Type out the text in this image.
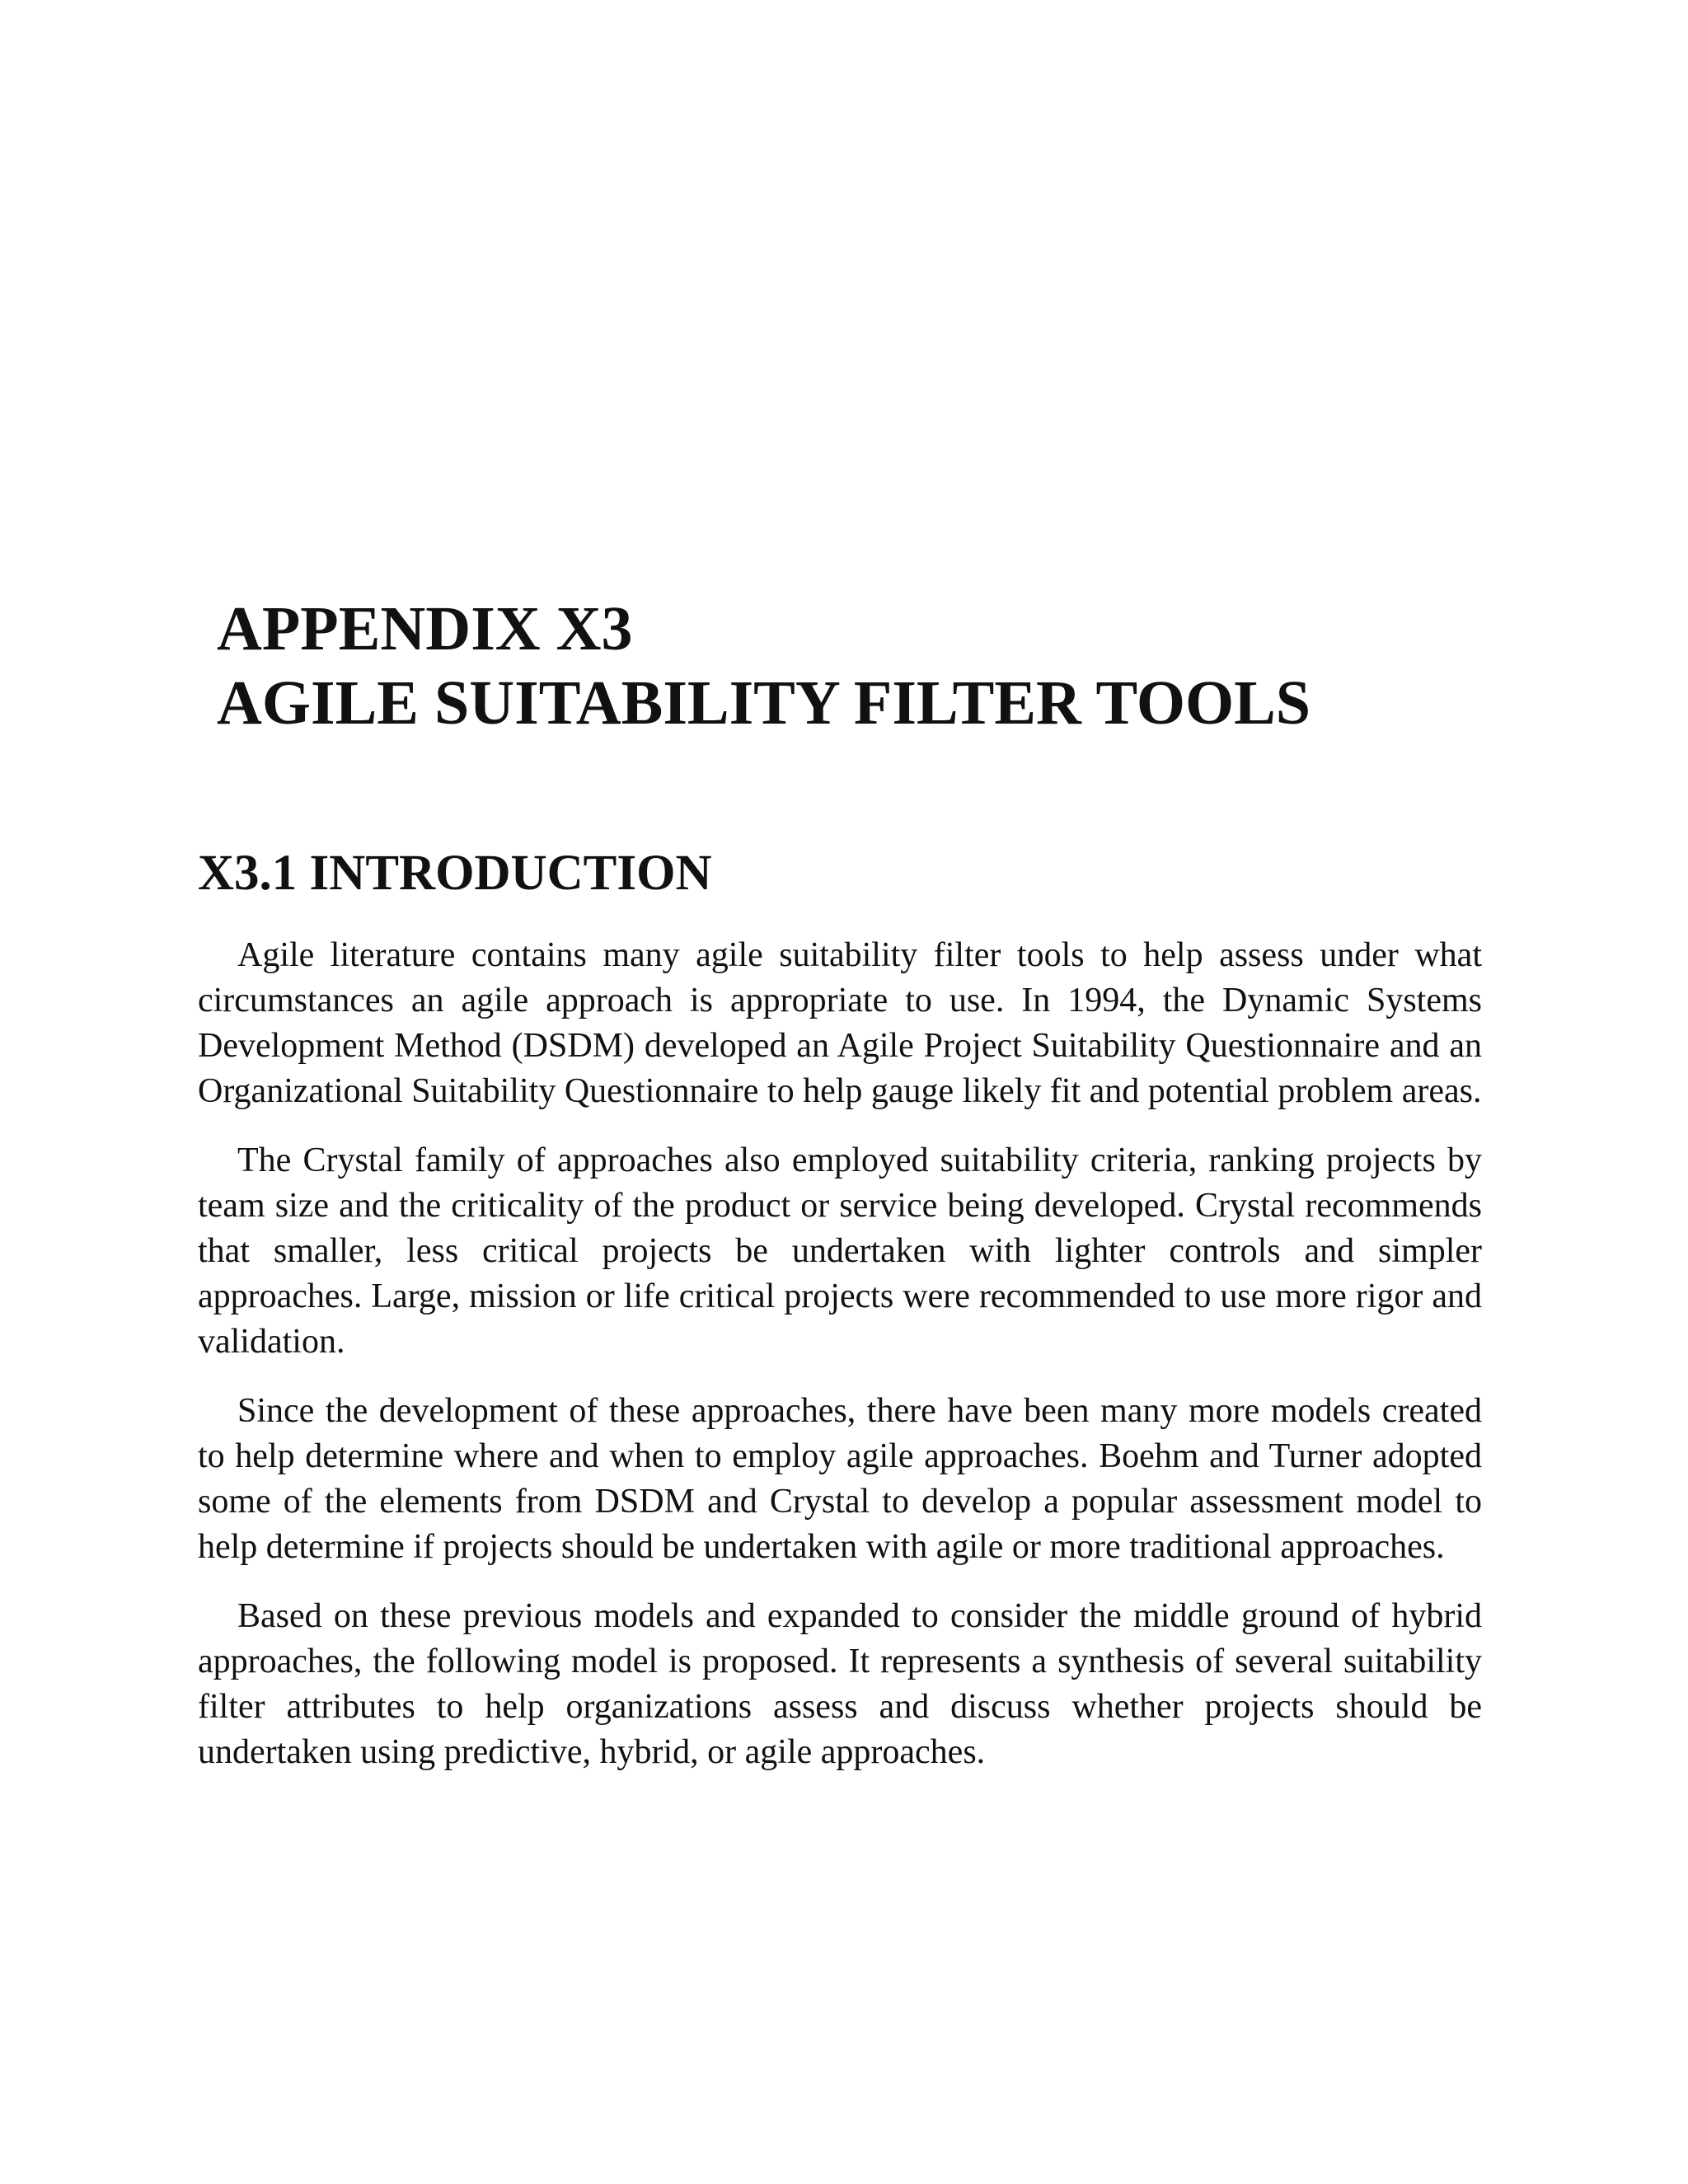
APPENDIX X3
AGILE SUITABILITY FILTER TOOLS
X3.1 INTRODUCTION

Agile literature contains many agile suitability filter tools to help assess under what circumstances an agile approach is appropriate to use. In 1994, the Dynamic Systems Development Method (DSDM) developed an Agile Project Suitability Questionnaire and an Organizational Suitability Questionnaire to help gauge likely fit and potential problem areas.

The Crystal family of approaches also employed suitability criteria, ranking projects by team size and the criticality of the product or service being developed. Crystal recommends that smaller, less critical projects be undertaken with lighter controls and simpler approaches. Large, mission or life critical projects were recommended to use more rigor and validation.

Since the development of these approaches, there have been many more models created to help determine where and when to employ agile approaches. Boehm and Turner adopted some of the elements from DSDM and Crystal to develop a popular assessment model to help determine if projects should be undertaken with agile or more traditional approaches.

Based on these previous models and expanded to consider the middle ground of hybrid approaches, the following model is proposed. It represents a synthesis of several suitability filter attributes to help organizations assess and discuss whether projects should be undertaken using predictive, hybrid, or agile approaches.
